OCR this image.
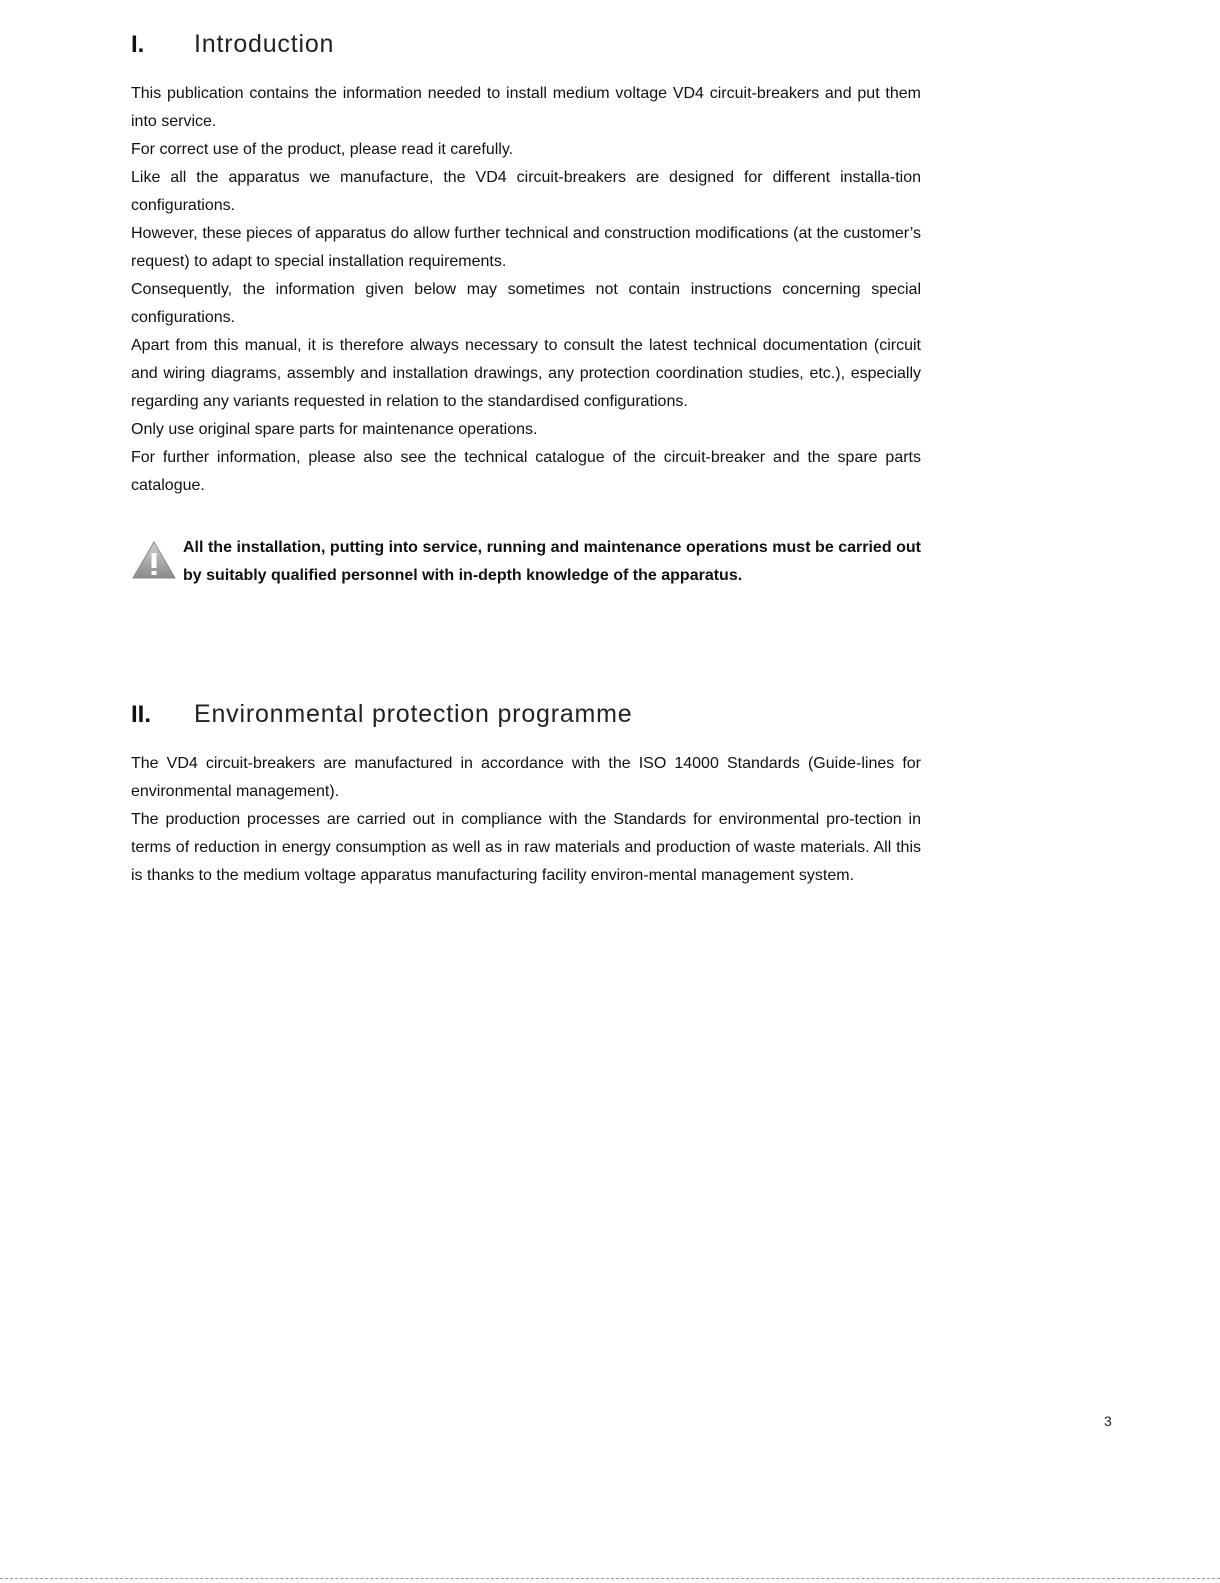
I.	Introduction

This publication contains the information needed to install medium voltage VD4 circuit-breakers and put them into service.

For correct use of the product, please read it carefully.

Like all the apparatus we manufacture, the VD4 circuit-breakers are designed for different installa-tion configurations.

However, these pieces of apparatus do allow further technical and construction modifications (at the customer’s request) to adapt to special installation requirements.

Consequently, the information given below may sometimes not contain instructions concerning special configurations.

Apart from this manual, it is therefore always necessary to consult the latest technical documentation (circuit and wiring diagrams, assembly and installation drawings, any protection coordination studies, etc.), especially regarding any variants requested in relation to the standardised configurations.

Only use original spare parts for maintenance operations.

For further information, please also see the technical catalogue of the circuit-breaker and the spare parts catalogue.

All the installation, putting into service, running and maintenance operations must be carried out by suitably qualified personnel with in-depth knowledge of the apparatus.
II.	Environmental protection programme

The VD4 circuit-breakers are manufactured in accordance with the ISO 14000 Standards (Guide-lines for environmental management).

The production processes are carried out in compliance with the Standards for environmental pro-tection in terms of reduction in energy consumption as well as in raw materials and production of waste materials. All this is thanks to the medium voltage apparatus manufacturing facility environ-mental management system.

3
